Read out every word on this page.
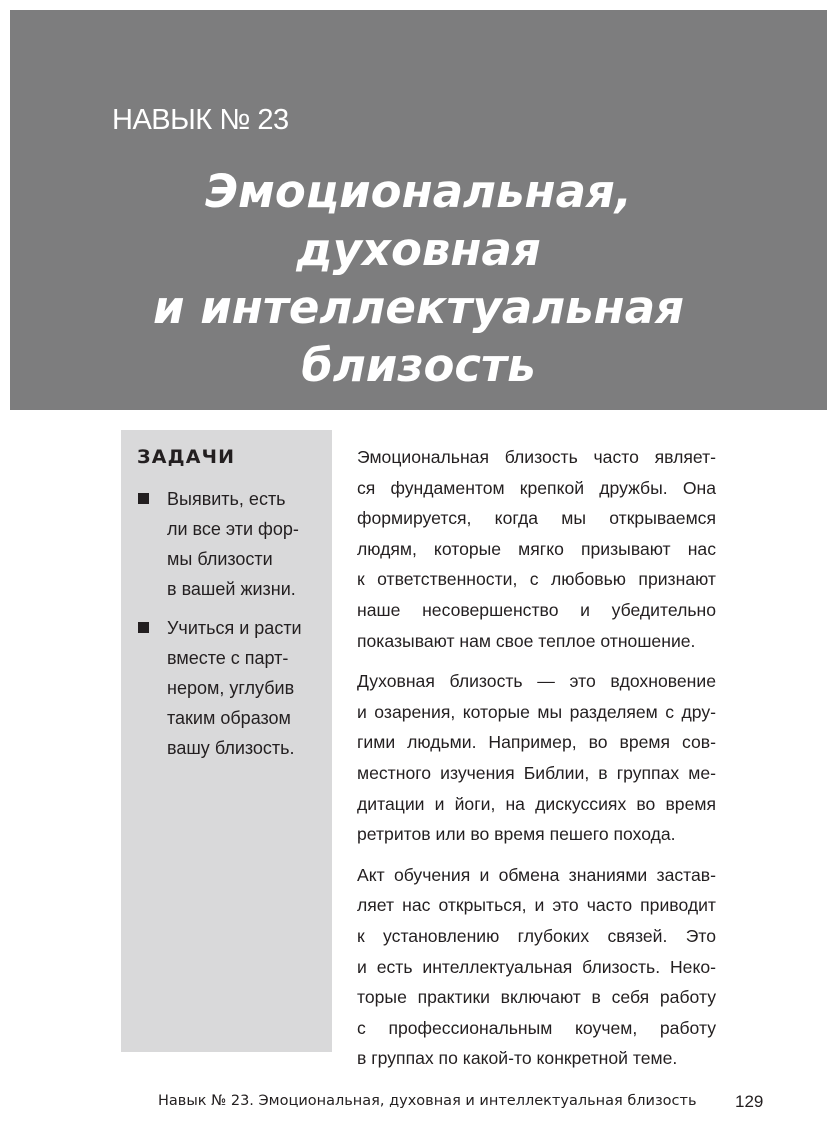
НАВЫК № 23
Эмоциональная,
духовная
и интеллектуальная
близость
ЗАДАЧИ
Выявить, есть
ли все эти фор-
мы близости
в вашей жизни.
Учиться и расти
вместе с парт-
нером, углубив
таким образом
вашу близость.

Эмоциональная близость часто являет-
ся фундаментом крепкой дружбы. Она
формируется, когда мы открываемся
людям, которые мягко призывают нас
к ответственности, с любовью признают
наше несовершенство и убедительно
показывают нам свое теплое отношение.

Духовная близость — это вдохновение
и озарения, которые мы разделяем с дру-
гими людьми. Например, во время сов-
местного изучения Библии, в группах ме-
дитации и йоги, на дискуссиях во время
ретритов или во время пешего похода.

Акт обучения и обмена знаниями застав-
ляет нас открыться, и это часто приводит
к установлению глубоких связей. Это
и есть интеллектуальная близость. Неко-
торые практики включают в себя работу
с профессиональным коучем, работу
в группах по какой-то конкретной теме.

Навык № 23. Эмоциональная, духовная и интеллектуальная близость 129
